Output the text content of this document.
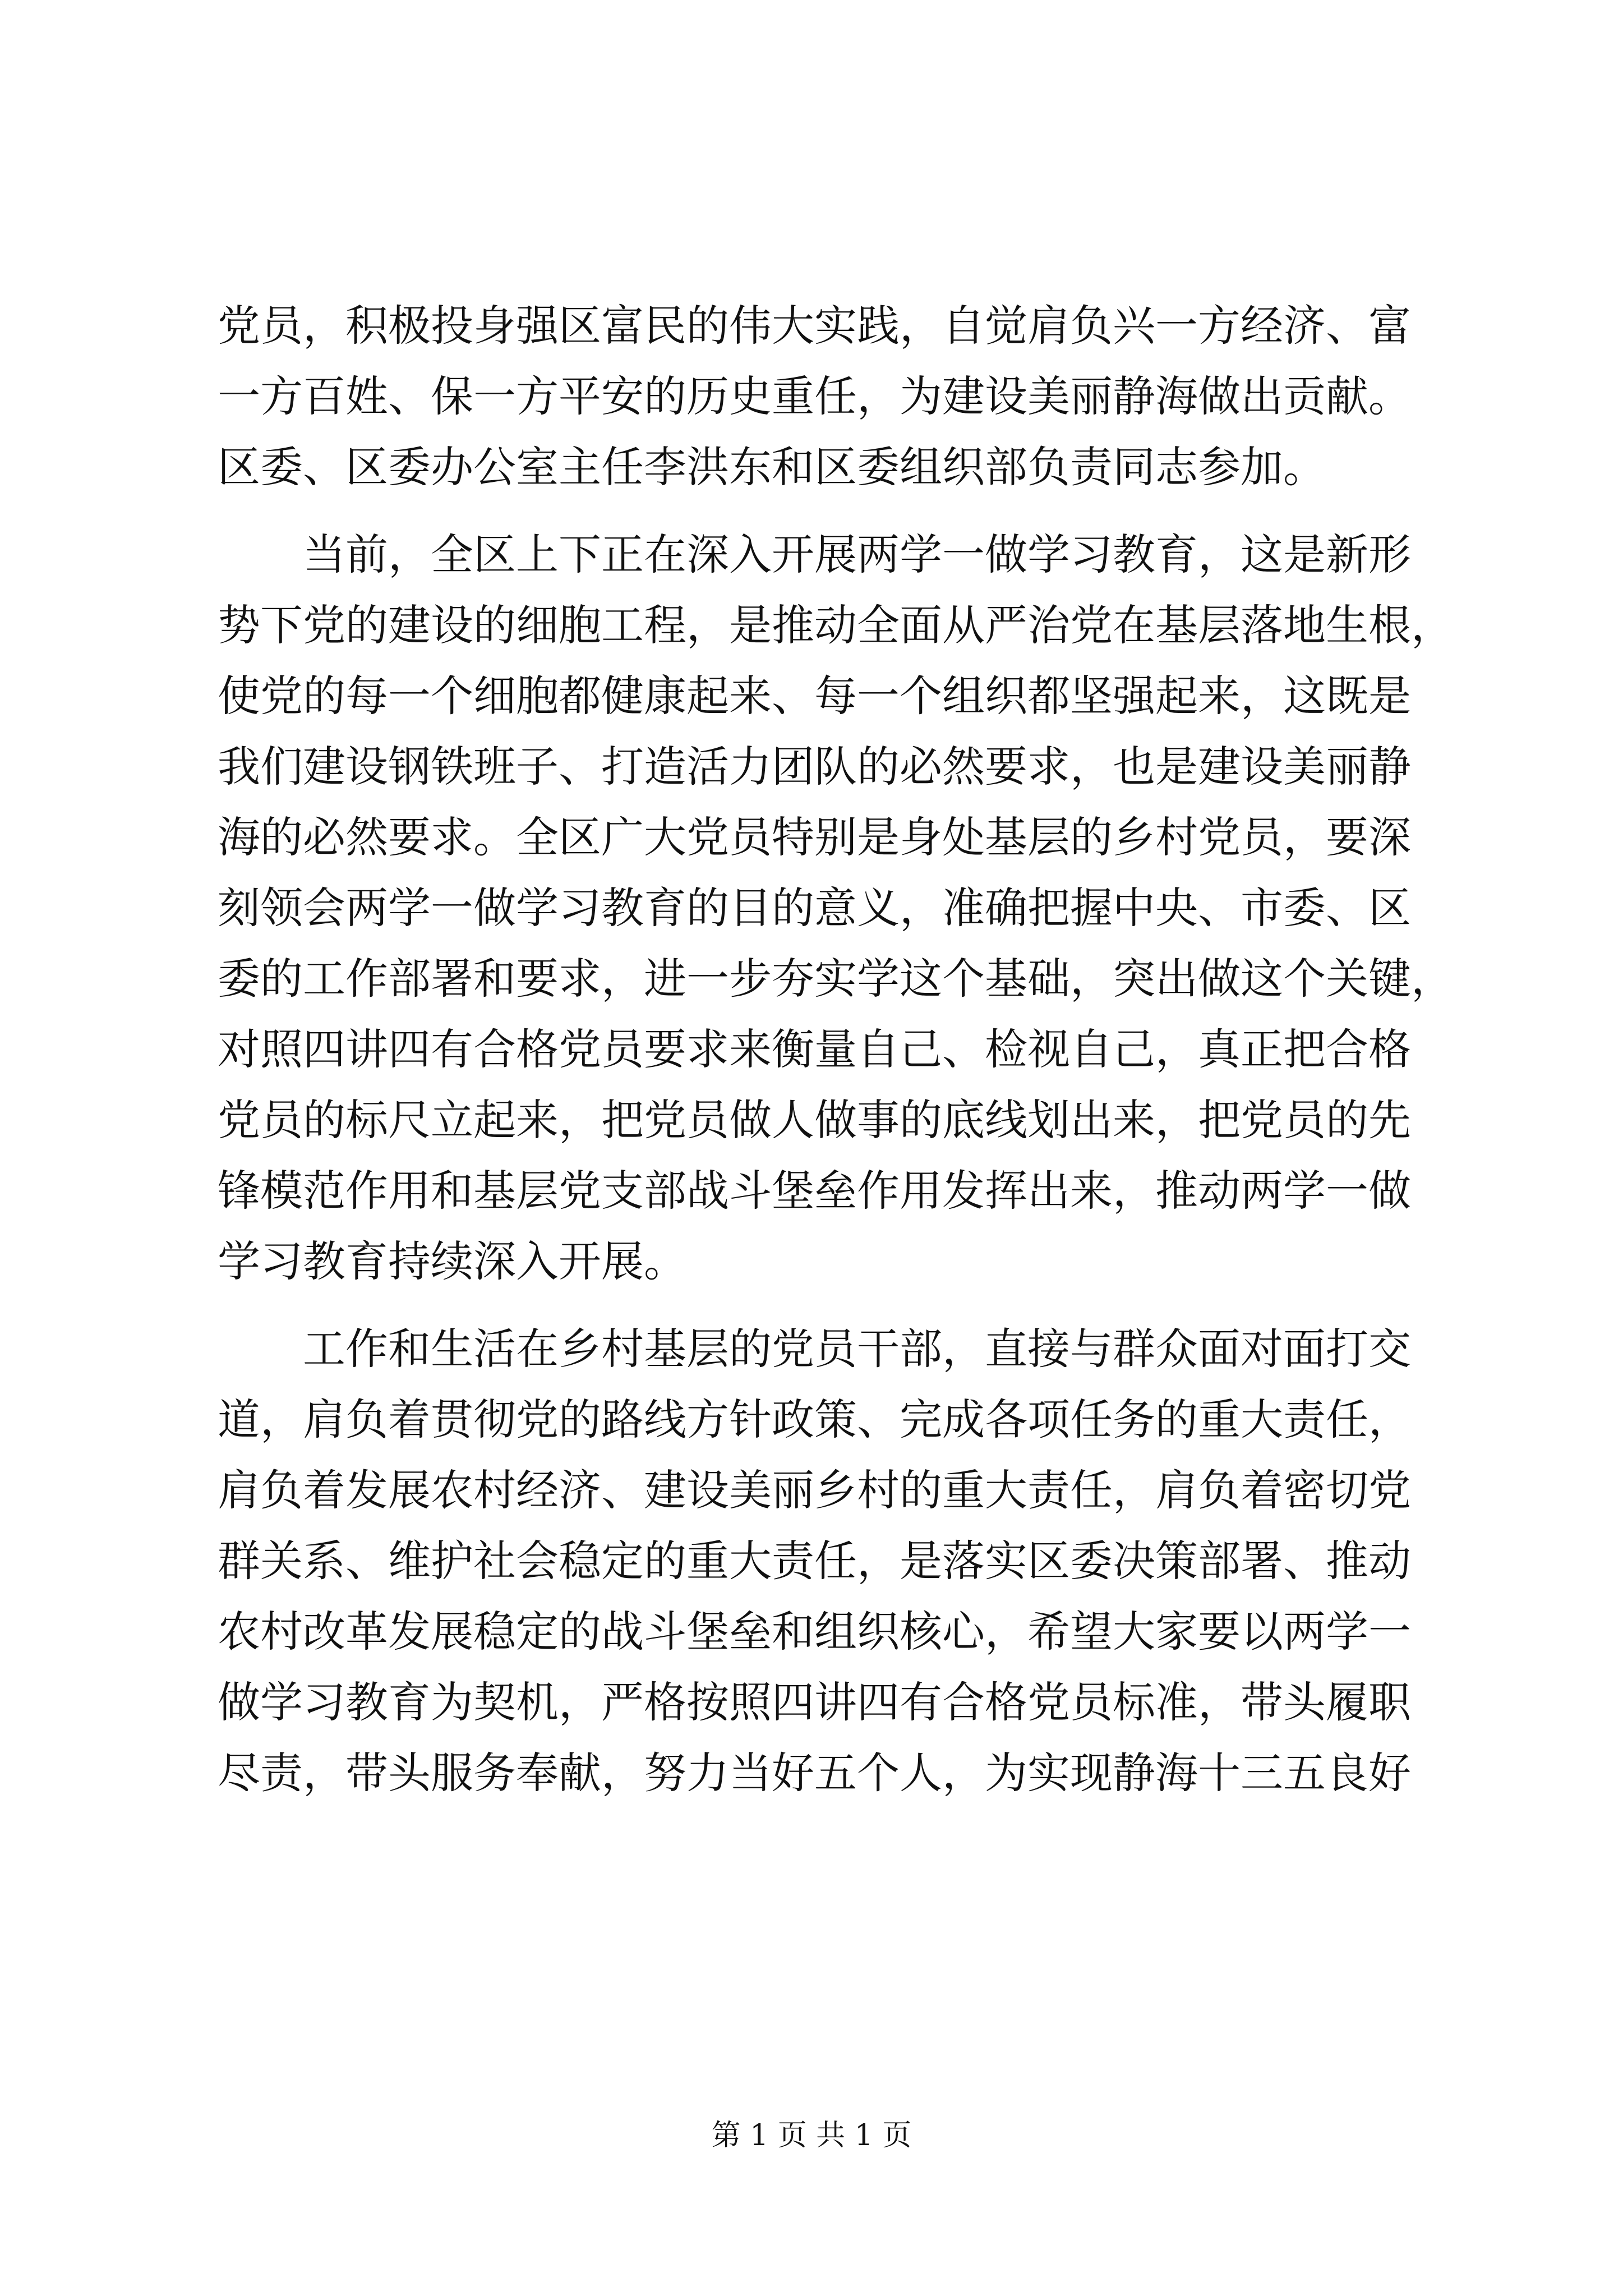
党员，积极投身强区富民的伟大实践，自觉肩负兴一方经济、富
一方百姓、保一方平安的历史重任，为建设美丽静海做出贡献。
区委、区委办公室主任李洪东和区委组织部负责同志参加。
　　当前，全区上下正在深入开展两学一做学习教育，这是新形
势下党的建设的细胞工程，是推动全面从严治党在基层落地生根，
使党的每一个细胞都健康起来、每一个组织都坚强起来，这既是
我们建设钢铁班子、打造活力团队的必然要求，也是建设美丽静
海的必然要求。全区广大党员特别是身处基层的乡村党员，要深
刻领会两学一做学习教育的目的意义，准确把握中央、市委、区
委的工作部署和要求，进一步夯实学这个基础，突出做这个关键，
对照四讲四有合格党员要求来衡量自己、检视自己，真正把合格
党员的标尺立起来，把党员做人做事的底线划出来，把党员的先
锋模范作用和基层党支部战斗堡垒作用发挥出来，推动两学一做
学习教育持续深入开展。
　　工作和生活在乡村基层的党员干部，直接与群众面对面打交
道，肩负着贯彻党的路线方针政策、完成各项任务的重大责任，
肩负着发展农村经济、建设美丽乡村的重大责任，肩负着密切党
群关系、维护社会稳定的重大责任，是落实区委决策部署、推动
农村改革发展稳定的战斗堡垒和组织核心，希望大家要以两学一
做学习教育为契机，严格按照四讲四有合格党员标准，带头履职
尽责，带头服务奉献，努力当好五个人，为实现静海十三五良好
第 1 页 共 1 页
